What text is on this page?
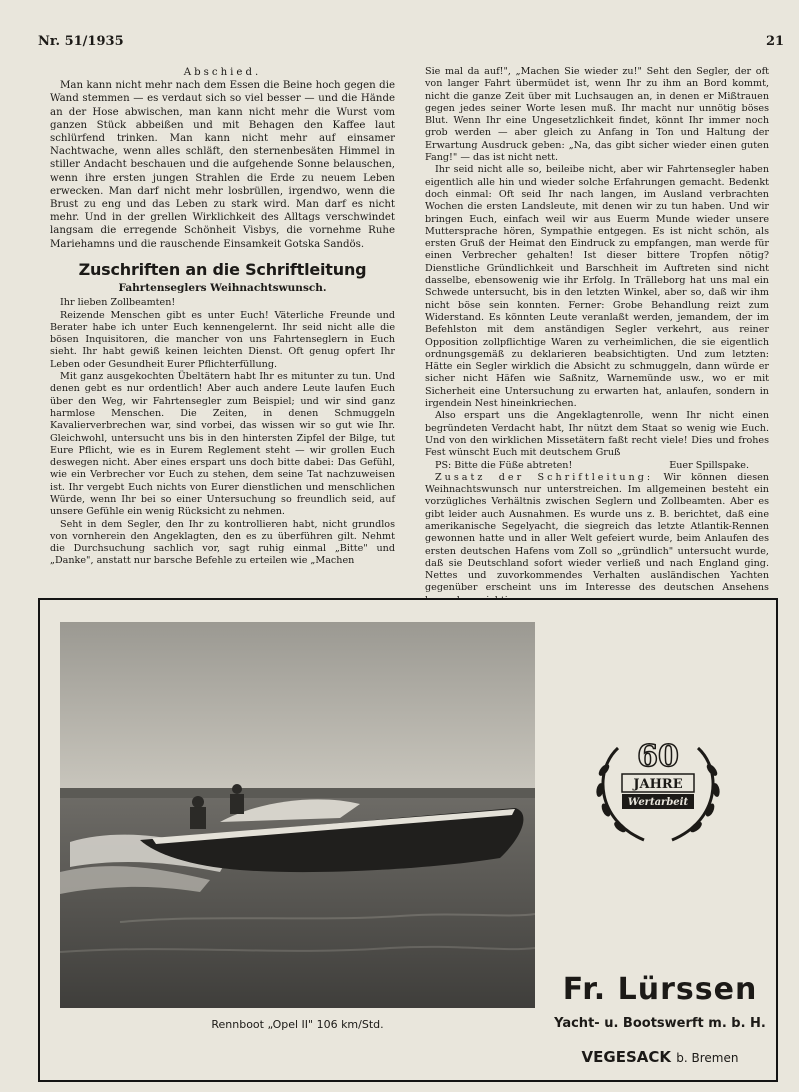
Nr. 51/1935	21
Abschied.

Man kann nicht mehr nach dem Essen die Beine hoch gegen die Wand stemmen — es verdaut sich so viel besser — und die Hände an der Hose abwischen, man kann nicht mehr die Wurst vom ganzen Stück abbeißen und mit Behagen den Kaffee laut schlürfend trinken. Man kann nicht mehr auf einsamer Nachtwache, wenn alles schläft, den sternenbesäten Himmel in stiller Andacht beschauen und die aufgehende Sonne belauschen, wenn ihre ersten jungen Strahlen die Erde zu neuem Leben erwecken. Man darf nicht mehr losbrüllen, irgendwo, wenn die Brust zu eng und das Leben zu stark wird. Man darf es nicht mehr. Und in der grellen Wirklichkeit des Alltags verschwindet langsam die erregende Schönheit Visbys, die vornehme Ruhe Mariehamns und die rauschende Einsamkeit Gotska Sandös.

Zuschriften an die Schriftleitung
Fahrtenseglers Weihnachtswunsch.

Ihr lieben Zollbeamten!

Reizende Menschen gibt es unter Euch! Väterliche Freunde und Berater habe ich unter Euch kennengelernt. Ihr seid nicht alle die bösen Inquisitoren, die mancher von uns Fahrtenseglern in Euch sieht. Ihr habt gewiß keinen leichten Dienst. Oft genug opfert Ihr Leben oder Gesundheit Eurer Pflichterfüllung.

Mit ganz ausgekochten Übeltätern habt Ihr es mitunter zu tun. Und denen gebt es nur ordentlich! Aber auch andere Leute laufen Euch über den Weg, wir Fahrtensegler zum Beispiel; und wir sind ganz harmlose Menschen. Die Zeiten, in denen Schmuggeln Kavalierverbrechen war, sind vorbei, das wissen wir so gut wie Ihr. Gleichwohl, untersucht uns bis in den hintersten Zipfel der Bilge, tut Eure Pflicht, wie es in Eurem Reglement steht — wir grollen Euch deswegen nicht. Aber eines erspart uns doch bitte dabei: Das Gefühl, wie ein Verbrecher vor Euch zu stehen, dem seine Tat nachzuweisen ist. Ihr vergebt Euch nichts von Eurer dienstlichen und menschlichen Würde, wenn Ihr bei so einer Untersuchung so freundlich seid, auf unsere Gefühle ein wenig Rücksicht zu nehmen.

Seht in dem Segler, den Ihr zu kontrollieren habt, nicht grundlos von vornherein den Angeklagten, den es zu überführen gilt. Nehmt die Durchsuchung sachlich vor, sagt ruhig einmal „Bitte" und „Danke", anstatt nur barsche Befehle zu erteilen wie „Machen

Sie mal da auf!", „Machen Sie wieder zu!" Seht den Segler, der oft von langer Fahrt übermüdet ist, wenn Ihr zu ihm an Bord kommt, nicht die ganze Zeit über mit Luchsaugen an, in denen er Mißtrauen gegen jedes seiner Worte lesen muß. Ihr macht nur unnötig böses Blut. Wenn Ihr eine Ungesetzlichkeit findet, könnt Ihr immer noch grob werden — aber gleich zu Anfang in Ton und Haltung der Erwartung Ausdruck geben: „Na, das gibt sicher wieder einen guten Fang!" — das ist nicht nett.

Ihr seid nicht alle so, beileibe nicht, aber wir Fahrtensegler haben eigentlich alle hin und wieder solche Erfahrungen gemacht. Bedenkt doch einmal: Oft seid Ihr nach langen, im Ausland verbrachten Wochen die ersten Landsleute, mit denen wir zu tun haben. Und wir bringen Euch, einfach weil wir aus Euerm Munde wieder unsere Muttersprache hören, Sympathie entgegen. Es ist nicht schön, als ersten Gruß der Heimat den Eindruck zu empfangen, man werde für einen Verbrecher gehalten! Ist dieser bittere Tropfen nötig? Dienstliche Gründlichkeit und Barschheit im Auftreten sind nicht dasselbe, ebensowenig wie ihr Erfolg. In Trälleborg hat uns mal ein Schwede untersucht, bis in den letzten Winkel, aber so, daß wir ihm nicht böse sein konnten. Ferner: Grobe Behandlung reizt zum Widerstand. Es könnten Leute veranlaßt werden, jemandem, der im Befehlston mit dem anständigen Segler verkehrt, aus reiner Opposition zollpflichtige Waren zu verheimlichen, die sie eigentlich ordnungsgemäß zu deklarieren beabsichtigten. Und zum letzten: Hätte ein Segler wirklich die Absicht zu schmuggeln, dann würde er sicher nicht Häfen wie Saßnitz, Warnemünde usw., wo er mit Sicherheit eine Untersuchung zu erwarten hat, anlaufen, sondern in irgendein Nest hineinkriechen.

Also erspart uns die Angeklagtenrolle, wenn Ihr nicht einen begründeten Verdacht habt, Ihr nützt dem Staat so wenig wie Euch. Und von den wirklichen Missetätern faßt recht viele! Dies und frohes Fest wünscht Euch mit deutschem Gruß

PS: Bitte die Füße abtreten!	Euer Spillspake.

Zusatz der Schriftleitung: Wir können diesen Weihnachtswunsch nur unterstreichen. Im allgemeinen besteht ein vorzügliches Verhältnis zwischen Seglern und Zollbeamten. Aber es gibt leider auch Ausnahmen. Es wurde uns z. B. berichtet, daß eine amerikanische Segelyacht, die siegreich das letzte Atlantik-Rennen gewonnen hatte und in aller Welt gefeiert wurde, beim Anlaufen des ersten deutschen Hafens vom Zoll so „gründlich" untersucht wurde, daß sie Deutschland sofort wieder verließ und nach England ging. Nettes und zuvorkommendes Verhalten ausländischen Yachten gegenüber erscheint uns im Interesse des deutschen Ansehens

Rennboot „Opel II" 106 km/Std.
60
JAHRE
Wertarbeit
Fr. Lürssen
Yacht- u. Bootswerft m. b. H.
VEGESACK b. Bremen
